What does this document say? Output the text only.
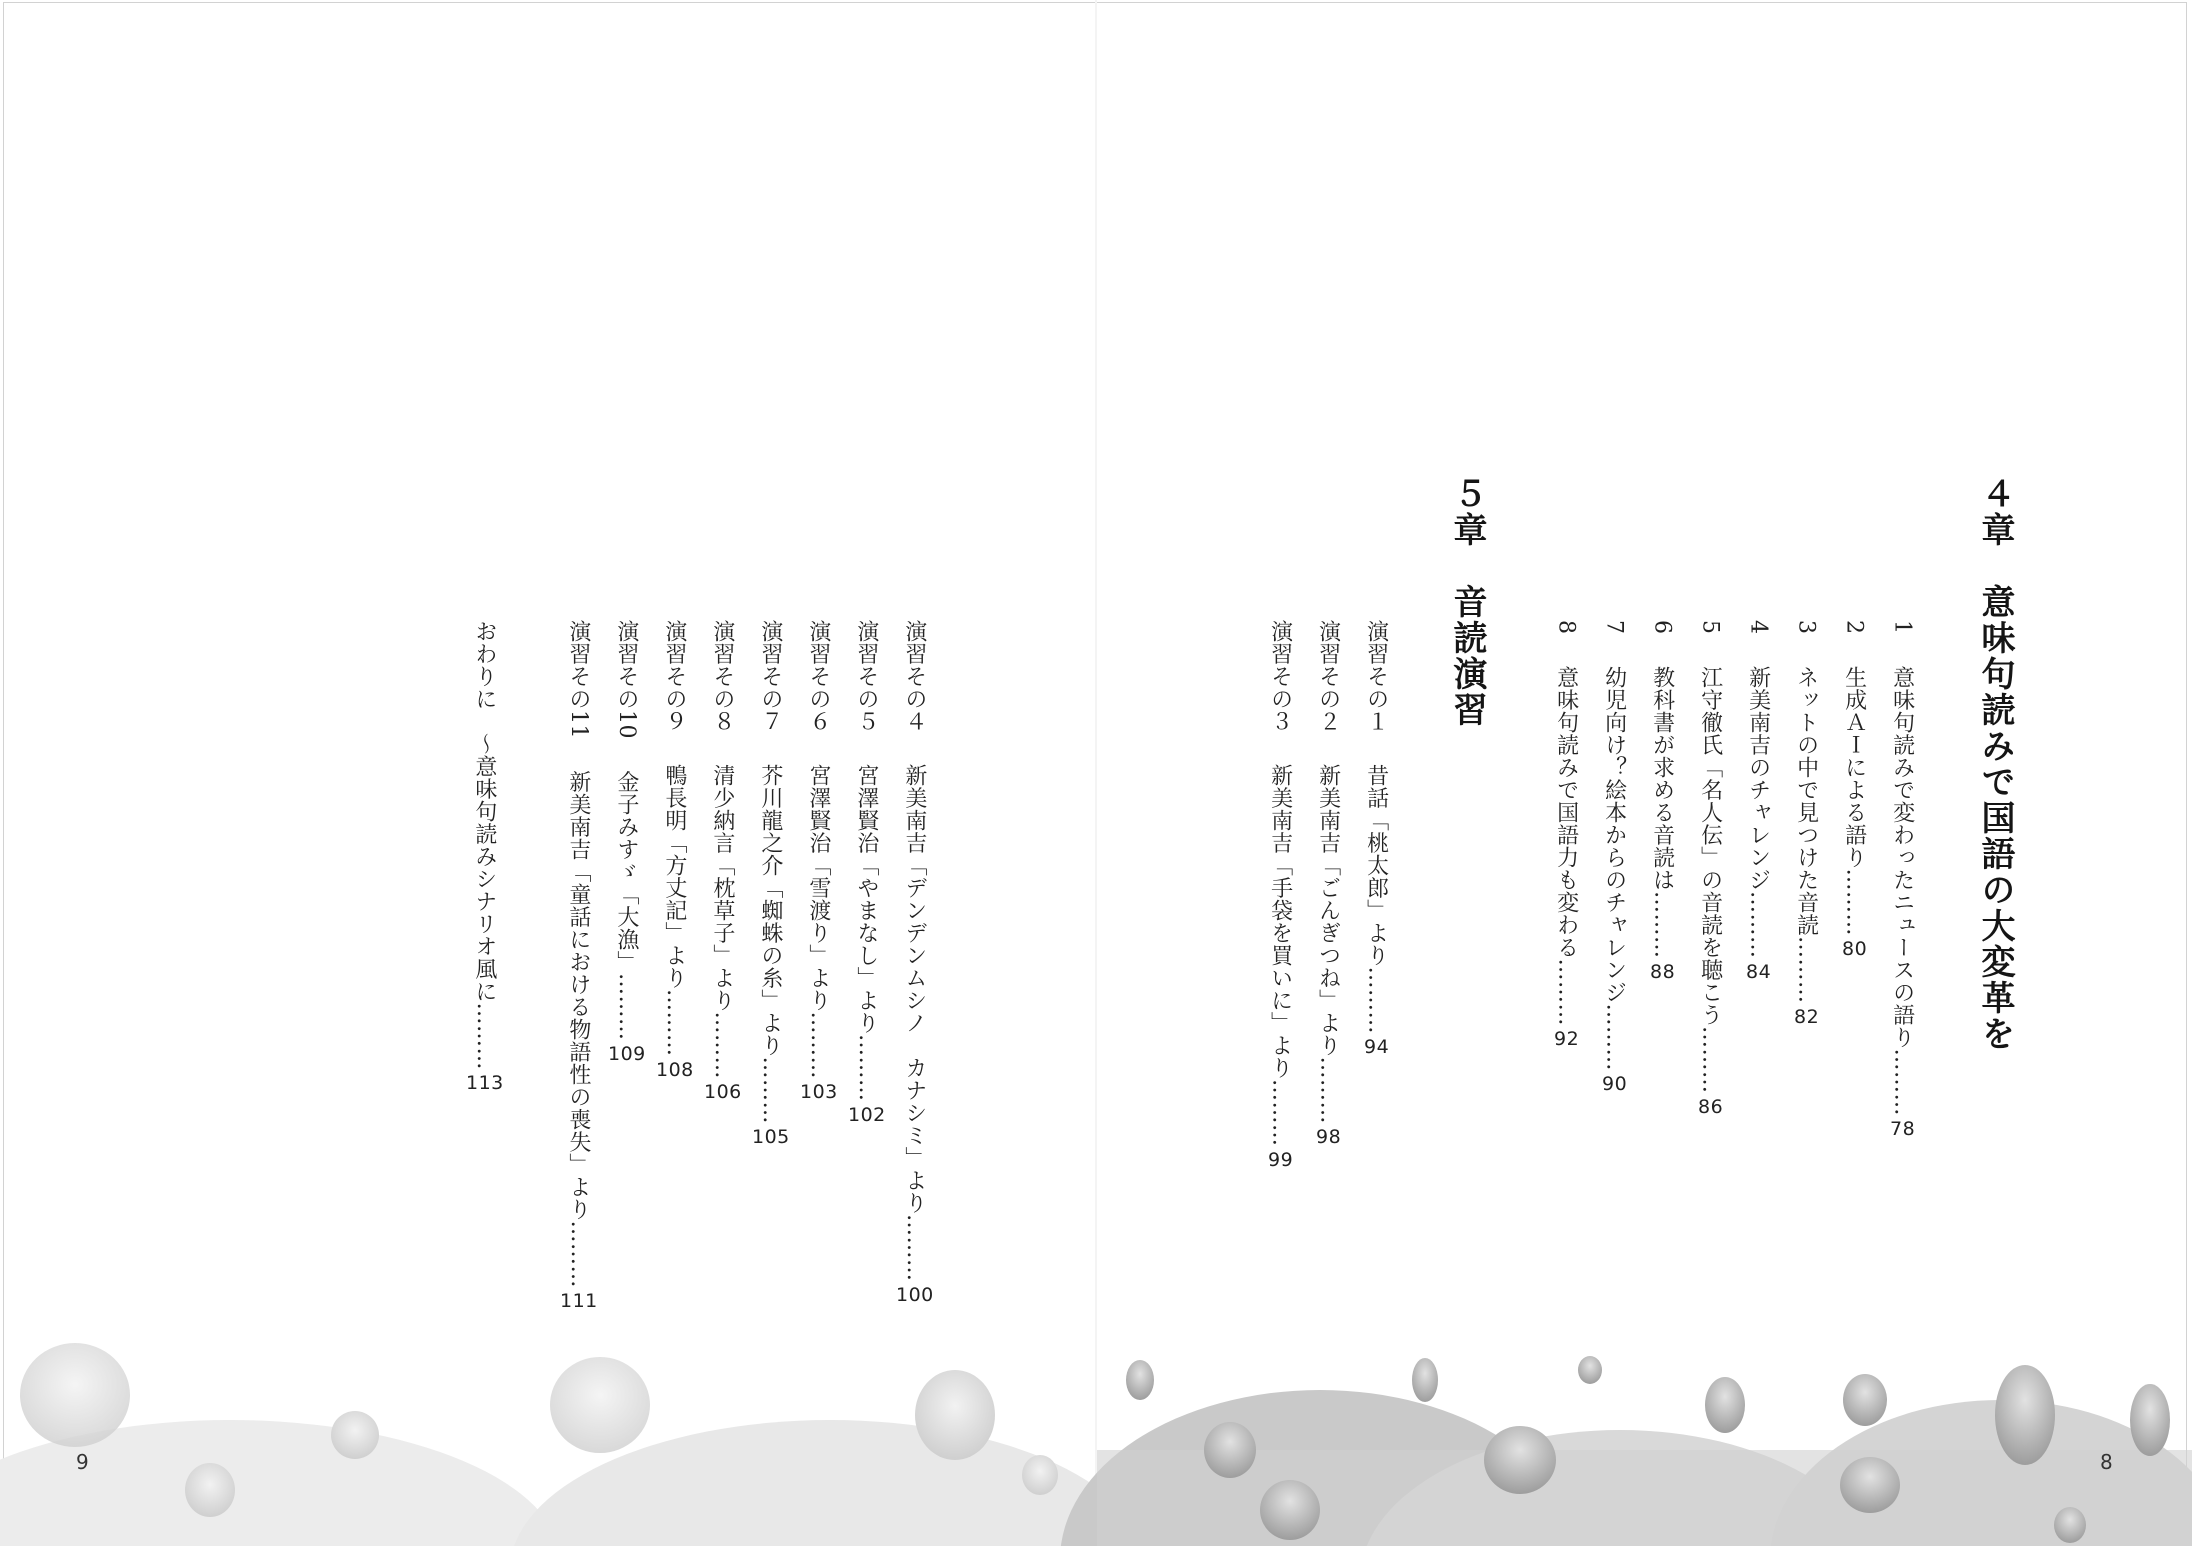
４章　意味句読みで国語の大変革を
1 意味句読みで変わったニュースの語り………78
2 生成ＡＩによる語り………80
3 ネットの中で見つけた音読………82
4 新美南吉のチャレンジ………84
5 江守徹氏「名人伝」の音読を聴こう………86
6 教科書が求める音読は………88
7 幼児向け？絵本からのチャレンジ………90
8 意味句読みで国語力も変わる………92
５章　音読演習
演習その１ 昔話「桃太郎」より………94
演習その２ 新美南吉「ごんぎつね」より………98
演習その３ 新美南吉「手袋を買いに」より………99
演習その４ 新美南吉「デンデンムシノ　カナシミ」より………100
演習その５ 宮澤賢治「やまなし」より………102
演習その６ 宮澤賢治「雪渡り」より………103
演習その７ 芥川龍之介「蜘蛛の糸」より………105
演習その８ 清少納言「枕草子」より………106
演習その９ 鴨長明「方丈記」より………108
演習その10 金子みすゞ「大漁」………109
演習その11 新美南吉「童話における物語性の喪失」より………111
おわりに　～意味句読みシナリオ風に………113
9	8
